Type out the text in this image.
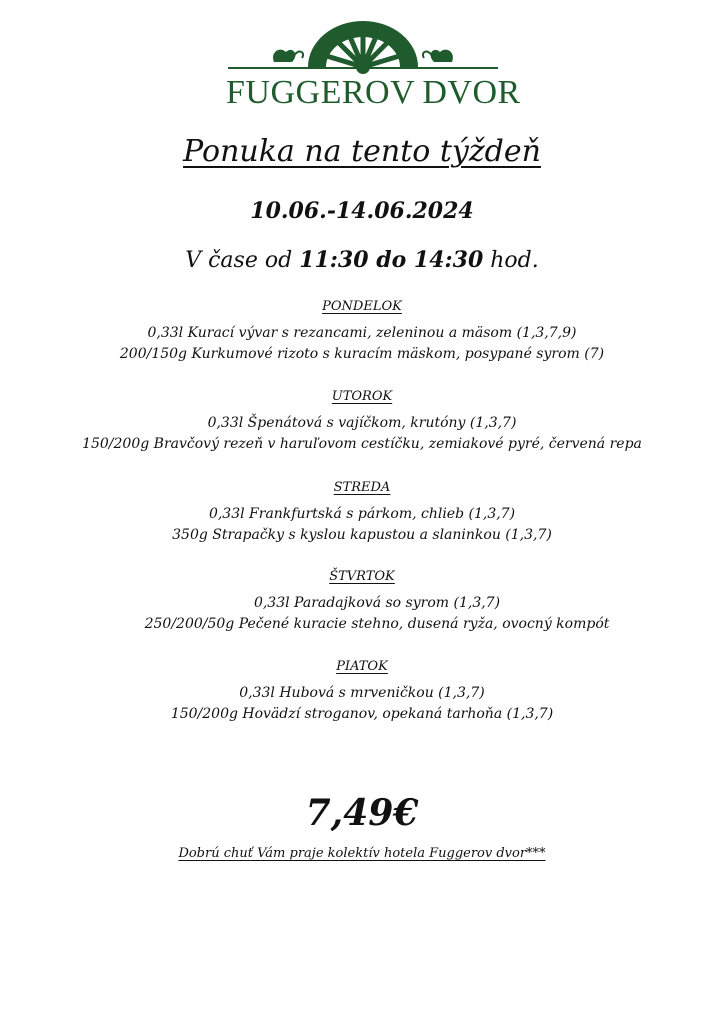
FUGGEROV DVOR
Ponuka na tento týždeň
10.06.-14.06.2024
V čase od 11:30 do 14:30 hod.
PONDELOK
0,33l Kurací vývar s rezancami, zeleninou a mäsom (1,3,7,9)
200/150g Kurkumové rizoto s kuracím mäskom, posypané syrom (7)
UTOROK
0,33l Špenátová s vajíčkom, krutóny (1,3,7)
150/200g Bravčový rezeň v haruľovom cestíčku, zemiakové pyré, červená repa
STREDA
0,33l Frankfurtská s párkom, chlieb (1,3,7)
350g Strapačky s kyslou kapustou a slaninkou (1,3,7)
ŠTVRTOK
0,33l Paradajková so syrom (1,3,7)
250/200/50g Pečené kuracie stehno, dusená ryža, ovocný kompót
PIATOK
0,33l Hubová s mrveničkou (1,3,7)
150/200g Hovädzí stroganov, opekaná tarhoňa (1,3,7)
7,49€
Dobrú chuť Vám praje kolektív hotela Fuggerov dvor***
